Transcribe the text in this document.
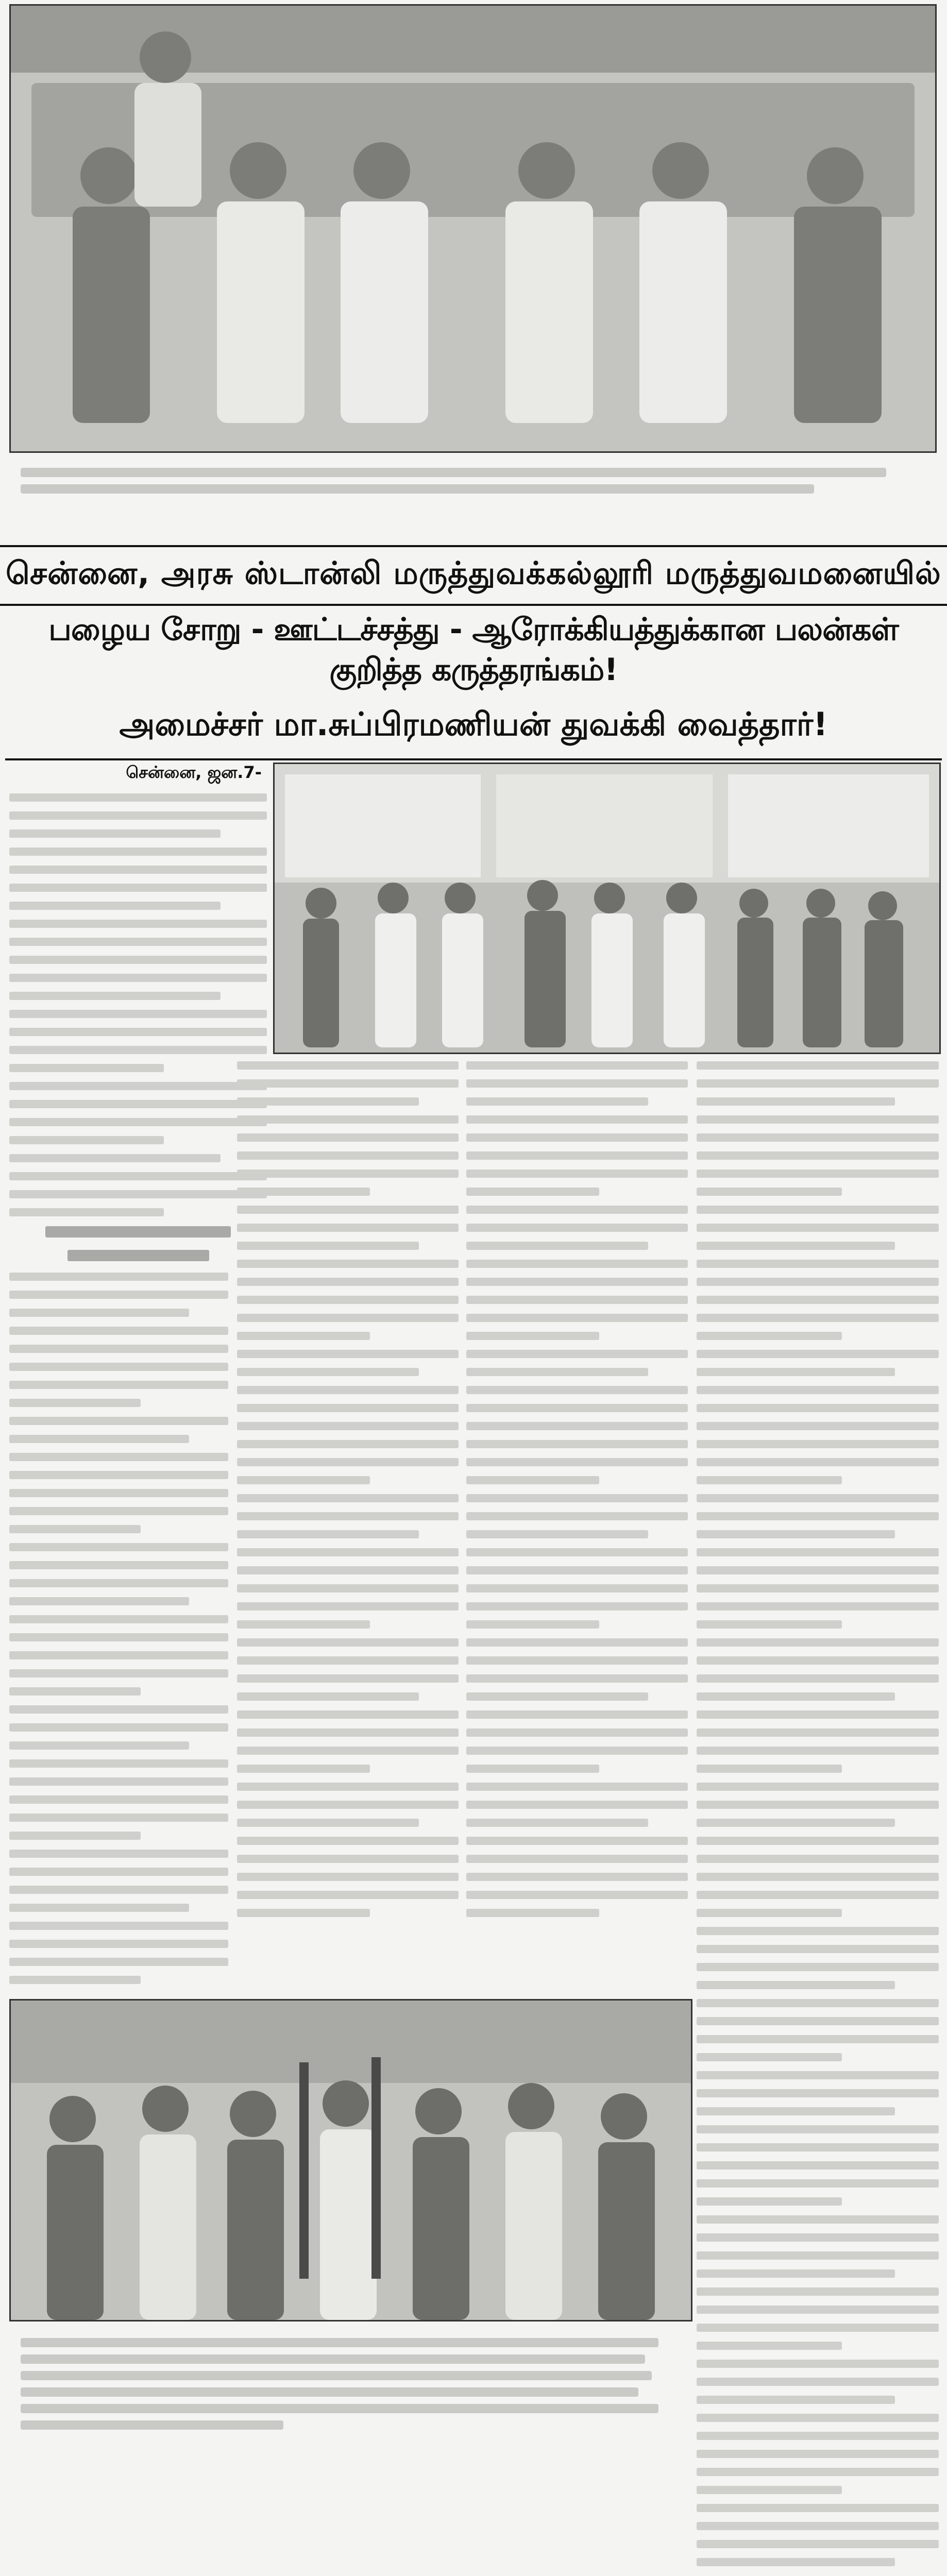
சென்னை, அரசு ஸ்டான்லி மருத்துவக்கல்லூரி மருத்துவமனையில்
பழைய சோறு - ஊட்டச்சத்து - ஆரோக்கியத்துக்கான பலன்கள் குறித்த கருத்தரங்கம்!
அமைச்சர் மா.சுப்பிரமணியன் துவக்கி வைத்தார்!
சென்னை, ஜன.7-
